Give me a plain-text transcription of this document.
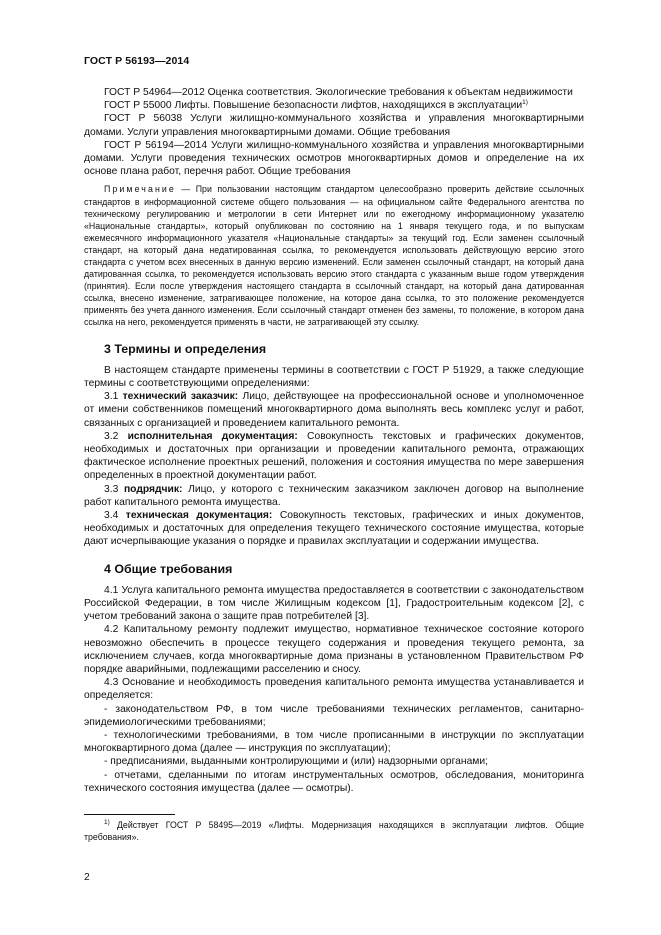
ГОСТ Р 56193—2014

ГОСТ Р 54964—2012 Оценка соответствия. Экологические требования к объектам недвижимости

ГОСТ Р 55000 Лифты. Повышение безопасности лифтов, находящихся в эксплуатации$^{1)}$

ГОСТ Р 56038 Услуги жилищно-коммунального хозяйства и управления многоквартирными домами. Услуги управления многоквартирными домами. Общие требования

ГОСТ Р 56194—2014 Услуги жилищно-коммунального хозяйства и управления многоквартирными домами. Услуги проведения технических осмотров многоквартирных домов и определение на их основе плана работ, перечня работ. Общие требования

Примечание — При пользовании настоящим стандартом целесообразно проверить действие ссылочных стандартов в информационной системе общего пользования — на официальном сайте Федерального агентства по техническому регулированию и метрологии в сети Интернет или по ежегодному информационному указателю «Национальные стандарты», который опубликован по состоянию на 1 января текущего года, и по выпускам ежемесячного информационного указателя «Национальные стандарты» за текущий год. Если заменен ссылочный стандарт, на который дана недатированная ссылка, то рекомендуется использовать действующую версию этого стандарта с учетом всех внесенных в данную версию изменений. Если заменен ссылочный стандарт, на который дана датированная ссылка, то рекомендуется использовать версию этого стандарта с указанным выше годом утверждения (принятия). Если после утверждения настоящего стандарта в ссылочный стандарт, на который дана датированная ссылка, внесено изменение, затрагивающее положение, на которое дана ссылка, то это положение рекомендуется применять без учета данного изменения. Если ссылочный стандарт отменен без замены, то положение, в котором дана ссылка на него, рекомендуется применять в части, не затрагивающей эту ссылку.

3 Термины и определения

В настоящем стандарте применены термины в соответствии с ГОСТ Р 51929, а также следующие термины с соответствующими определениями:

3.1 технический заказчик: Лицо, действующее на профессиональной основе и уполномоченное от имени собственников помещений многоквартирного дома выполнять весь комплекс услуг и работ, связанных с организацией и проведением капитального ремонта.

3.2 исполнительная документация: Совокупность текстовых и графических документов, необходимых и достаточных при организации и проведении капитального ремонта, отражающих фактическое исполнение проектных решений, положения и состояния имущества по мере завершения определенных в проектной документации работ.

3.3 подрядчик: Лицо, у которого с техническим заказчиком заключен договор на выполнение работ капитального ремонта имущества.

3.4 техническая документация: Совокупность текстовых, графических и иных документов, необходимых и достаточных для определения текущего технического состояние имущества, которые дают исчерпывающие указания о порядке и правилах эксплуатации и содержании имущества.

4 Общие требования

4.1 Услуга капитального ремонта имущества предоставляется в соответствии с законодательством Российской Федерации, в том числе Жилищным кодексом [1], Градостроительным кодексом [2], с учетом требований закона о защите прав потребителей [3].

4.2 Капитальному ремонту подлежит имущество, нормативное техническое состояние которого невозможно обеспечить в процессе текущего содержания и проведения текущего ремонта, за исключением случаев, когда многоквартирные дома признаны в установленном Правительством РФ порядке аварийными, подлежащими расселению и сносу.

4.3 Основание и необходимость проведения капитального ремонта имущества устанавливается и определяется:

- законодательством РФ, в том числе требованиями технических регламентов, санитарно-эпидемиологическими требованиями;

- технологическими требованиями, в том числе прописанными в инструкции по эксплуатации многоквартирного дома (далее — инструкция по эксплуатации);

- предписаниями, выданными контролирующими и (или) надзорными органами;

- отчетами, сделанными по итогам инструментальных осмотров, обследования, мониторинга технического состояния имущества (далее — осмотры).

$^{1)}$ Действует ГОСТ Р 58495—2019 «Лифты. Модернизация находящихся в эксплуатации лифтов. Общие требования».

2
